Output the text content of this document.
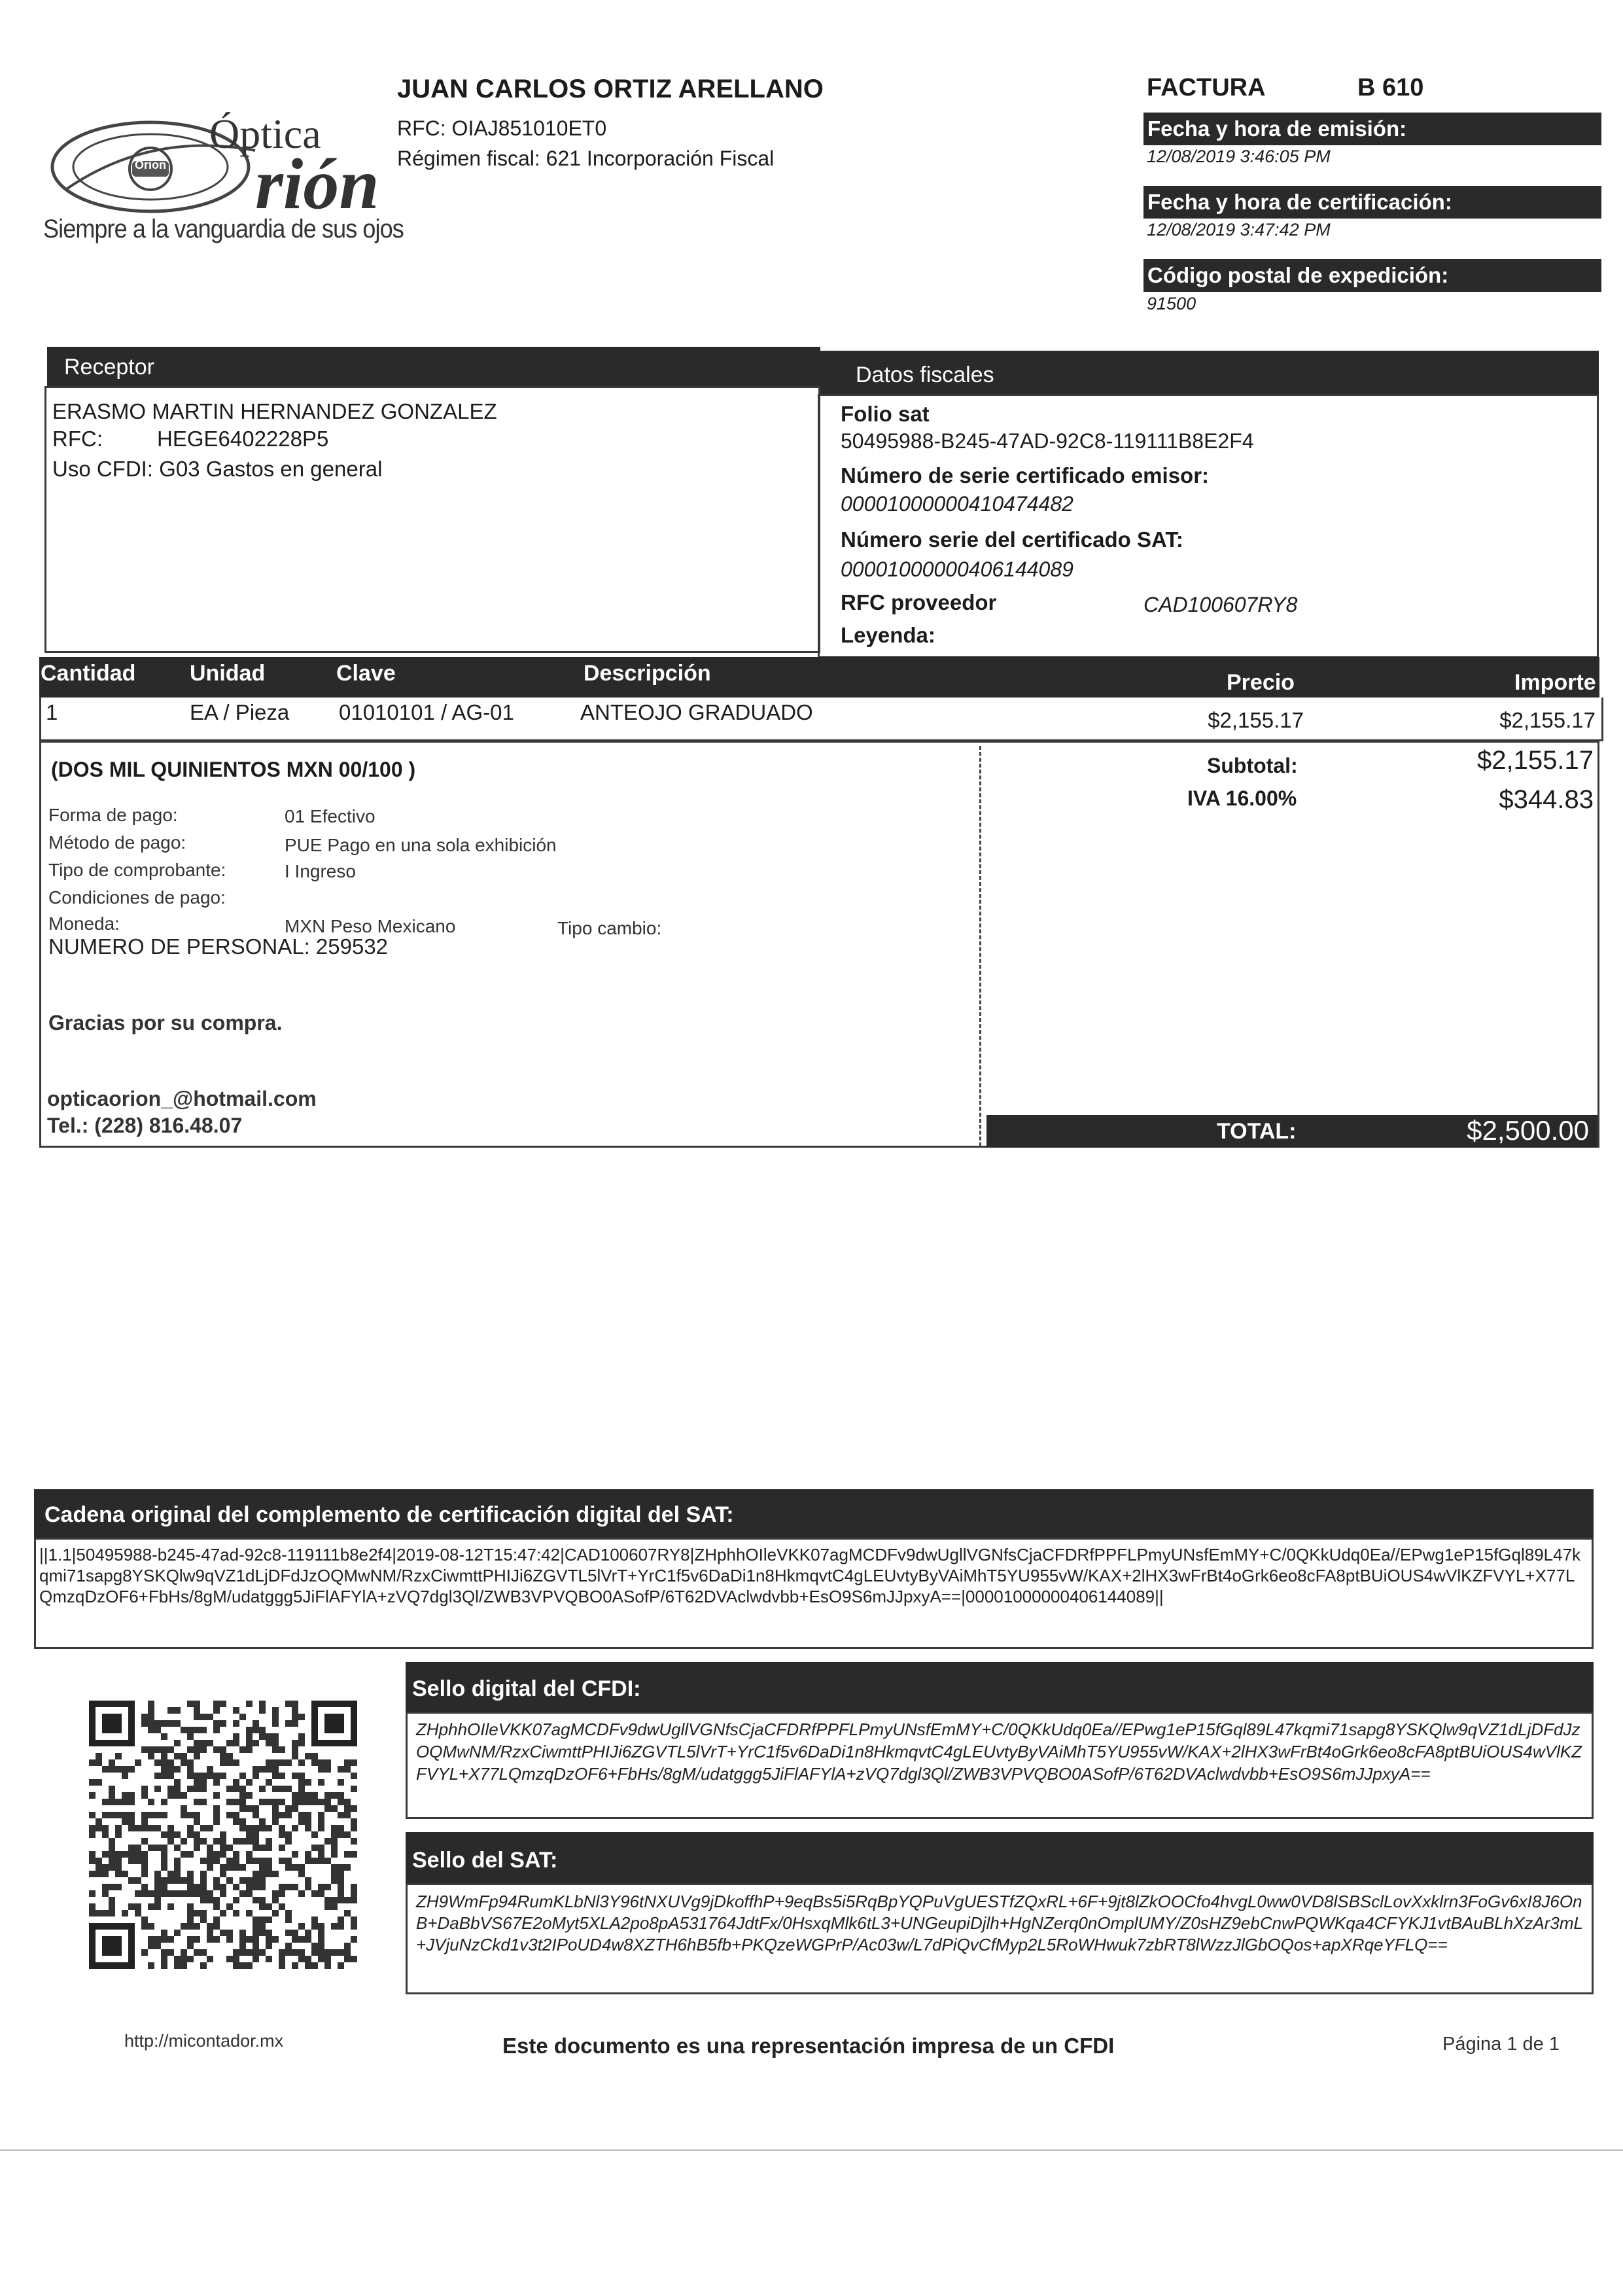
Óptica
rión
Orion
Siempre a la vanguardia de sus ojos
JUAN CARLOS ORTIZ ARELLANO
RFC: OIAJ851010ET0
Régimen fiscal: 621 Incorporación Fiscal
FACTURA	B 610
Fecha y hora de emisión:
12/08/2019 3:46:05 PM
Fecha y hora de certificación:
12/08/2019 3:47:42 PM
Código postal de expedición:
91500
Receptor
ERASMO MARTIN HERNANDEZ GONZALEZ
RFC:	HEGE6402228P5
Uso CFDI: G03 Gastos en general
Datos fiscales
Folio sat
50495988-B245-47AD-92C8-119111B8E2F4
Número de serie certificado emisor:
00001000000410474482
Número serie del certificado SAT:
00001000000406144089
RFC proveedor	CAD100607RY8
Leyenda:
Cantidad Unidad	Clave	Descripción	Precio	Importe
1	EA / Pieza 01010101 / AG-01	ANTEOJO GRADUADO	$2,155.17	$2,155.17
(DOS MIL QUINIENTOS MXN 00/100 )
Forma de pago:	01 Efectivo
Método de pago:	PUE Pago en una sola exhibición
Tipo de comprobante:	I Ingreso
Condiciones de pago:
Moneda:	MXN Peso Mexicano	Tipo cambio:
NUMERO DE PERSONAL: 259532
Gracias por su compra.
opticaorion_@hotmail.com
Tel.: (228) 816.48.07
Subtotal:	$2,155.17
IVA 16.00%	$344.83
TOTAL:	$2,500.00
Cadena original del complemento de certificación digital del SAT:
||1.1|50495988-b245-47ad-92c8-119111b8e2f4|2019-08-12T15:47:42|CAD100607RY8|ZHphhOIleVKK07agMCDFv9dwUgllVGNfsCjaCFDRfPPFLPmyUNsfEmMY+C/0QKkUdq0Ea//EPwg1eP15fGql89L47kqmi71sapg8YSKQlw9qVZ1dLjDFdJzOQMwNM/RzxCiwmttPHIJi6ZGVTL5lVrT+YrC1f5v6DaDi1n8HkmqvtC4gLEUvtyByVAiMhT5YU955vW/KAX+2lHX3wFrBt4oGrk6eo8cFA8ptBUiOUS4wVlKZFVYL+X77LQmzqDzOF6+FbHs/8gM/udatggg5JiFlAFYlA+zVQ7dgl3Ql/ZWB3VPVQBO0ASofP/6T62DVAclwdvbb+EsO9S6mJJpxyA==|00001000000406144089||
Sello digital del CFDI:
ZHphhOIleVKK07agMCDFv9dwUgllVGNfsCjaCFDRfPPFLPmyUNsfEmMY+C/0QKkUdq0Ea//EPwg1eP15fGql89L47kqmi71sapg8YSKQlw9qVZ1dLjDFdJzOQMwNM/RzxCiwmttPHIJi6ZGVTL5lVrT+YrC1f5v6DaDi1n8HkmqvtC4gLEUvtyByVAiMhT5YU955vW/KAX+2lHX3wFrBt4oGrk6eo8cFA8ptBUiOUS4wVlKZFVYL+X77LQmzqDzOF6+FbHs/8gM/udatggg5JiFlAFYlA+zVQ7dgl3Ql/ZWB3VPVQBO0ASofP/6T62DVAclwdvbb+EsO9S6mJJpxyA==
Sello del SAT:
ZH9WmFp94RumKLbNl3Y96tNXUVg9jDkoffhP+9eqBs5i5RqBpYQPuVgUESTfZQxRL+6F+9jt8lZkOOCfo4hvgL0ww0VD8lSBSclLovXxklrn3FoGv6xI8J6OnB+DaBbVS67E2oMyt5XLA2po8pA531764JdtFx/0HsxqMlk6tL3+UNGeupiDjlh+HgNZerq0nOmplUMY/Z0sHZ9ebCnwPQWKqa4CFYKJ1vtBAuBLhXzAr3mL+JVjuNzCkd1v3t2IPoUD4w8XZTH6hB5fb+PKQzeWGPrP/Ac03w/L7dPiQvCfMyp2L5RoWHwuk7zbRT8lWzzJlGbOQos+apXRqeYFLQ==
http://micontador.mx	Este documento es una representación impresa de un CFDI	Página 1 de 1
